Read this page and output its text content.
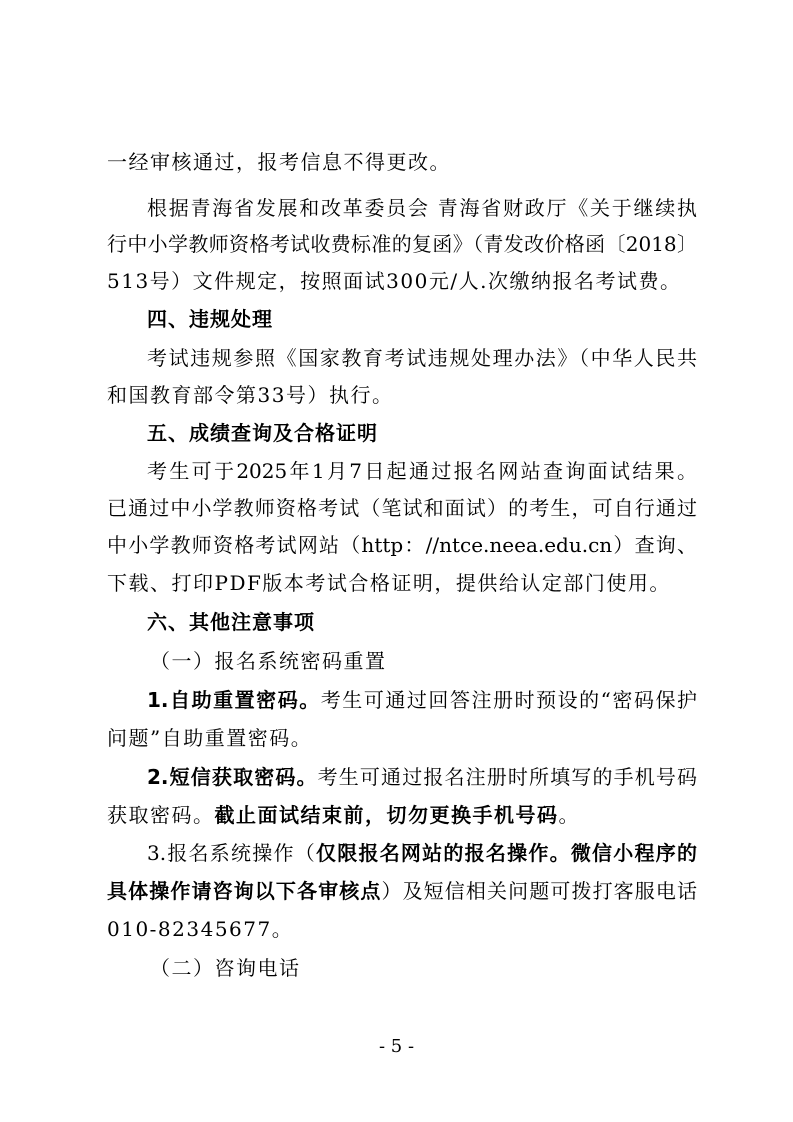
一经审核通过，报考信息不得更改。
根据青海省发展和改革委员会 青海省财政厅《关于继续执
行中小学教师资格考试收费标准的复函》（青发改价格函〔2018〕
513号）文件规定，按照面试300元/人.次缴纳报名考试费。
四、违规处理
考试违规参照《国家教育考试违规处理办法》（中华人民共
和国教育部令第33号）执行。
五、成绩查询及合格证明
考生可于2025年1月7日起通过报名网站查询面试结果。
已通过中小学教师资格考试（笔试和面试）的考生，可自行通过
中小学教师资格考试网站（http：//ntce.neea.edu.cn）查询、
下载、打印PDF版本考试合格证明，提供给认定部门使用。
六、其他注意事项
（一）报名系统密码重置
1.自助重置密码。考生可通过回答注册时预设的“密码保护
问题”自助重置密码。
2.短信获取密码。考生可通过报名注册时所填写的手机号码
获取密码。截止面试结束前，切勿更换手机号码。
3.报名系统操作（仅限报名网站的报名操作。微信小程序的
具体操作请咨询以下各审核点）及短信相关问题可拨打客服电话
010-82345677。
（二）咨询电话
- 5 -
